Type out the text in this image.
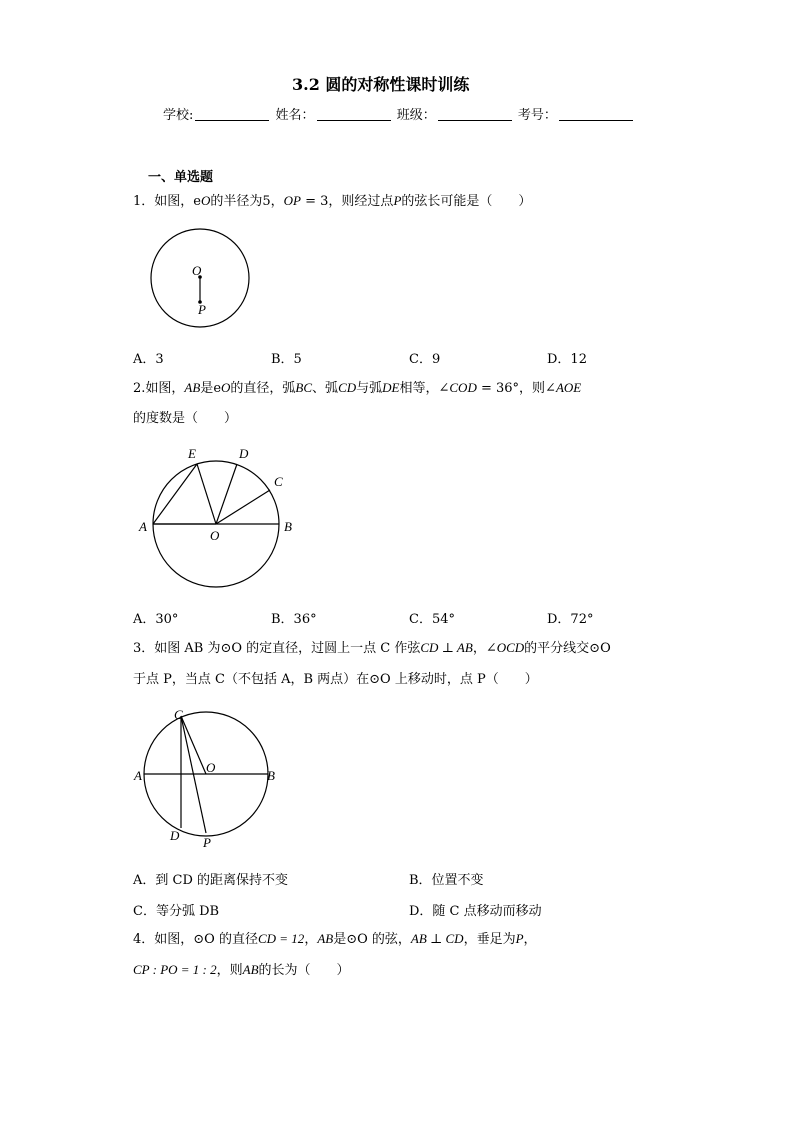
3.2 圆的对称性课时训练
学校:	姓名：	班级：	考号：
一、单选题
1．如图，eO的半径为5，OP = 3，则经过点P的弦长可能是（　　）
O
P
A．3	B．5	C．9	D．12
2.如图，AB是eO的直径，弧BC、弧CD与弧DE相等，∠COD = 36°，则∠AOE
的度数是（　　）
A	B
C
D
E
O
A．30°	B．36°	C．54°	D．72°
3．如图 AB 为⊙O 的定直径，过圆上一点 C 作弦CD ⊥ AB，∠OCD的平分线交⊙O
于点 P，当点 C（不包括 A，B 两点）在⊙O 上移动时，点 P（　　）
C
A	B
O
D P
A．到 CD 的距离保持不变	B．位置不变
C．等分弧 DB	D．随 C 点移动而移动
4．如图，⊙O 的直径CD = 12，AB是⊙O 的弦，AB ⊥ CD，垂足为P，
CP : PO = 1 : 2，则AB的长为（　　）
